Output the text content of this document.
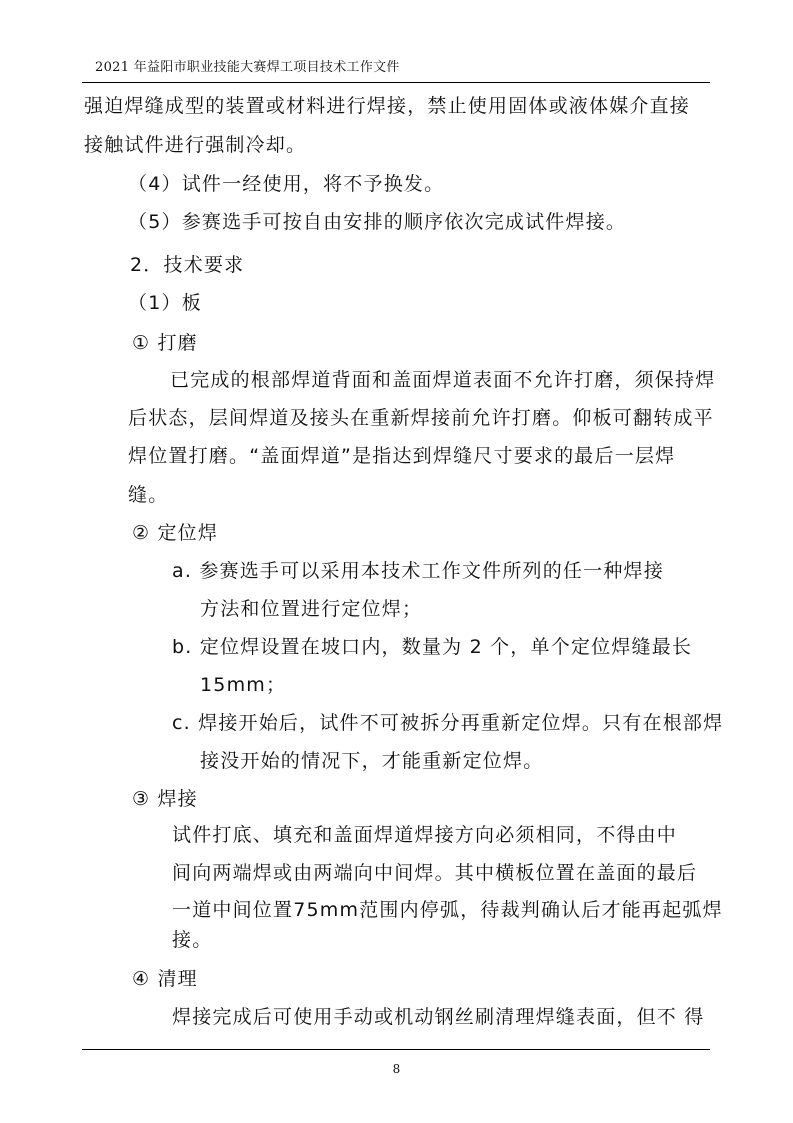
2021 年益阳市职业技能大赛焊工项目技术工作文件
强迫焊缝成型的装置或材料进行焊接，禁止使用固体或液体媒介直接
接触试件进行强制冷却。
（4）试件一经使用，将不予换发。
（5）参赛选手可按自由安排的顺序依次完成试件焊接。
2．技术要求
（1）板
① 打磨
已完成的根部焊道背面和盖面焊道表面不允许打磨，须保持焊
后状态，层间焊道及接头在重新焊接前允许打磨。仰板可翻转成平
焊位置打磨。“盖面焊道”是指达到焊缝尺寸要求的最后一层焊
缝。
② 定位焊
a. 参赛选手可以采用本技术工作文件所列的任一种焊接
方法和位置进行定位焊；
b. 定位焊设置在坡口内，数量为 2 个，单个定位焊缝最长
15mm；
c. 焊接开始后，试件不可被拆分再重新定位焊。只有在根部焊
接没开始的情况下，才能重新定位焊。
③ 焊接
试件打底、填充和盖面焊道焊接方向必须相同，不得由中
间向两端焊或由两端向中间焊。其中横板位置在盖面的最后
一道中间位置75mm范围内停弧，待裁判确认后才能再起弧焊
接。
④ 清理
焊接完成后可使用手动或机动钢丝刷清理焊缝表面，但不 得
8
